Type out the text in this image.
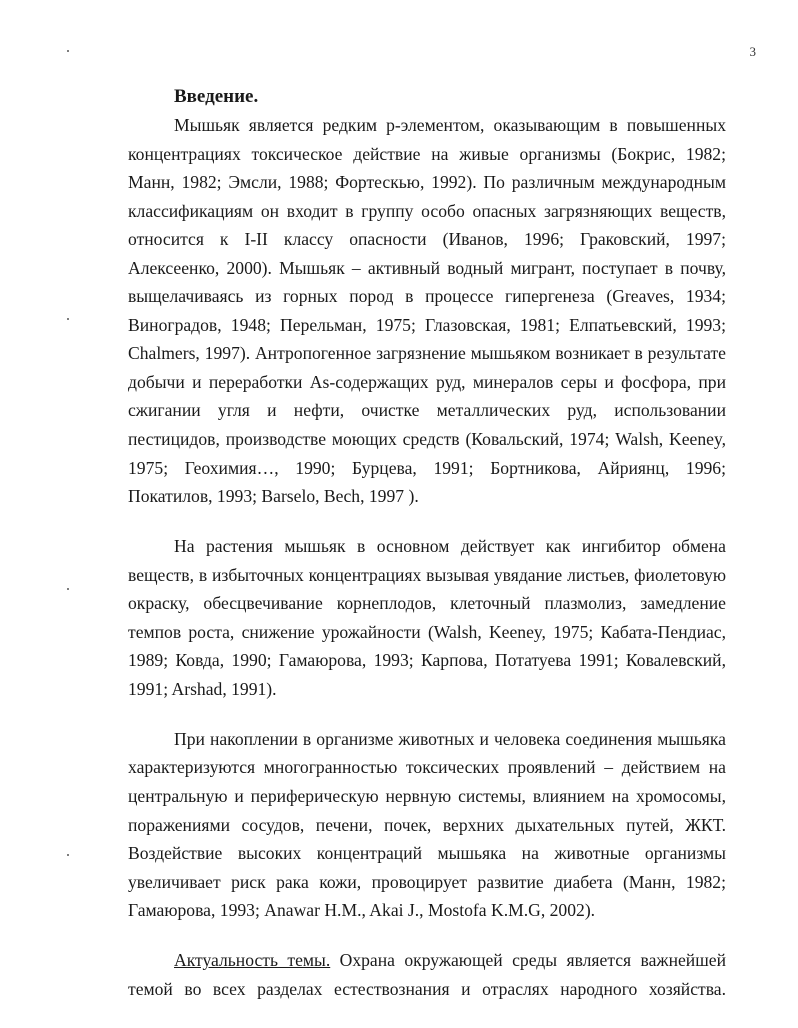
3
Введение.
Мышьяк является редким р-элементом, оказывающим в повышенных
концентрациях токсическое действие на живые организмы (Бокрис, 1982;
Манн, 1982; Эмсли, 1988; Фортескью, 1992). По различным международным
классификациям он входит в группу особо опасных загрязняющих веществ,
относится к I-II классу опасности (Иванов, 1996; Граковский, 1997;
Алексеенко, 2000). Мышьяк – активный водный мигрант, поступает в почву,
выщелачиваясь из горных пород в процессе гипергенеза (Greaves, 1934;
Виноградов, 1948; Перельман, 1975; Глазовская, 1981; Елпатьевский, 1993;
Chalmers, 1997). Антропогенное загрязнение мышьяком возникает в результате
добычи и переработки As-содержащих руд, минералов серы и фосфора, при
сжигании угля и нефти, очистке металлических руд, использовании
пестицидов, производстве моющих средств (Ковальский, 1974; Walsh, Keeney,
1975; Геохимия…, 1990; Бурцева, 1991; Бортникова, Айриянц, 1996;
Покатилов, 1993; Barselo, Bech, 1997 ).
На растения мышьяк в основном действует как ингибитор обмена
веществ, в избыточных концентрациях вызывая увядание листьев, фиолетовую
окраску, обесцвечивание корнеплодов, клеточный плазмолиз, замедление
темпов роста, снижение урожайности (Walsh, Keeney, 1975; Кабата-Пендиас,
1989; Ковда, 1990; Гамаюрова, 1993; Карпова, Потатуева 1991; Ковалевский,
1991; Arshad, 1991).
При накоплении в организме животных и человека соединения мышьяка
характеризуются многогранностью токсических проявлений – действием на
центральную и периферическую нервную системы, влиянием на хромосомы,
поражениями сосудов, печени, почек, верхних дыхательных путей, ЖКТ.
Воздействие высоких концентраций мышьяка на животные организмы
увеличивает риск рака кожи, провоцирует развитие диабета (Манн, 1982;
Гамаюрова, 1993; Anawar H.M., Akai J., Mostofa K.M.G, 2002).
Актуальность темы. Охрана окружающей среды является важнейшей
темой во всех разделах естествознания и отраслях народного хозяйства.
